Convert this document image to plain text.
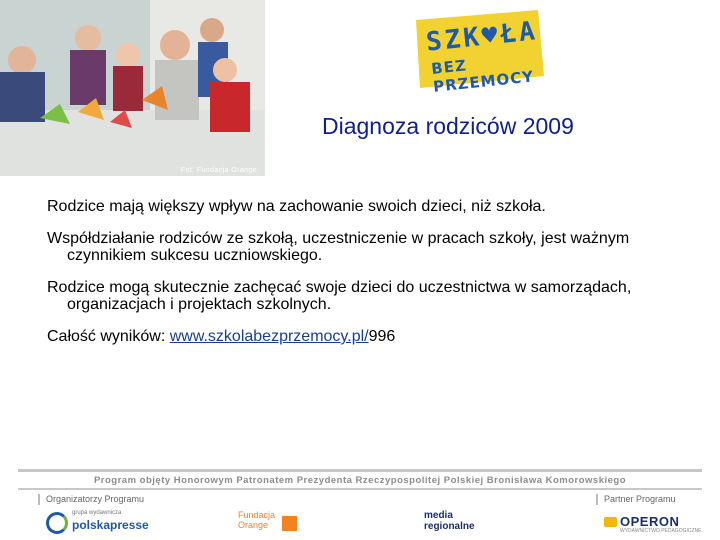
Fot. Fundacja Orange
SZK♥ŁA
BEZ PRZEMOCY
Diagnoza rodziców 2009

Rodzice mają większy wpływ na zachowanie swoich dzieci, niż szkoła.

Współdziałanie rodziców ze szkołą, uczestniczenie w pracach szkoły, jest ważnym czynnikiem sukcesu uczniowskiego.

Rodzice mogą skutecznie zachęcać swoje dzieci do uczestnictwa w samorządach, organizacjach i projektach szkolnych.

Całość wyników: www.szkolabezprzemocy.pl/996

Program objęty Honorowym Patronatem Prezydenta Rzeczypospolitej Polskiej Bronisława Komorowskiego
Organizatorzy Programu	Partner Programu
grupa wydawnicza
polskapresse
Fundacja
Orange
media
regionalne	OPERON
WYDAWNICTWO PEDAGOGICZNE
